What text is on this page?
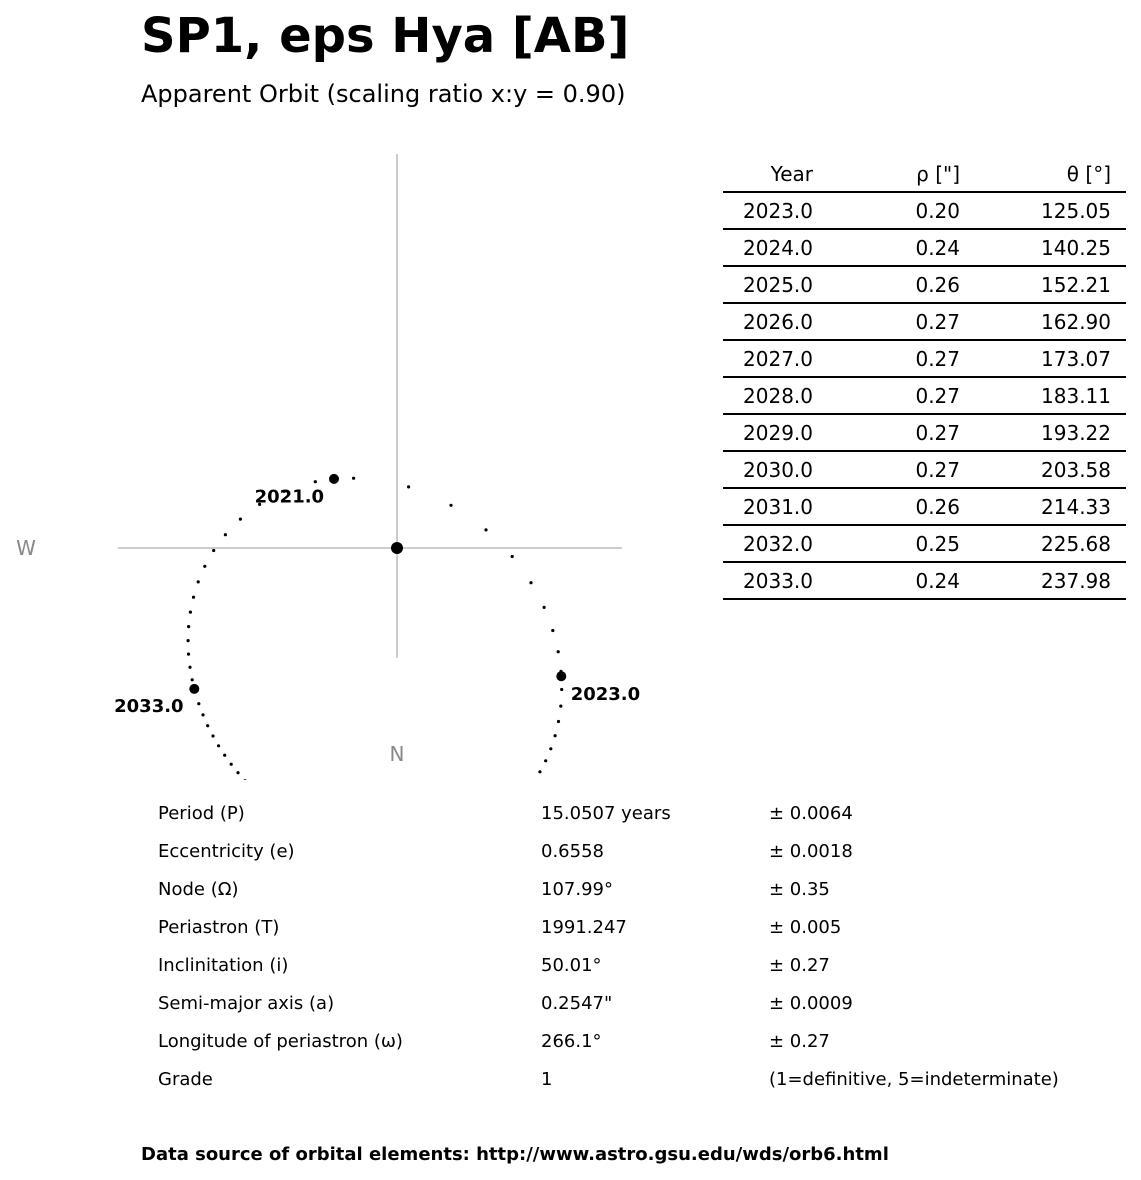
SP1, eps Hya [AB]
Apparent Orbit (scaling ratio x:y = 0.90)
W
N
2021.0
2023.0
2033.0
Year	ρ ["]	θ [°]
2023.0	0.20	125.05
2024.0	0.24	140.25
2025.0	0.26	152.21
2026.0	0.27	162.90
2027.0	0.27	173.07
2028.0	0.27	183.11
2029.0	0.27	193.22
2030.0	0.27	203.58
2031.0	0.26	214.33
2032.0	0.25	225.68
2033.0	0.24	237.98
Period (P)	15.0507 years	± 0.0064
Eccentricity (e)	0.6558	± 0.0018
Node (Ω)	107.99°	± 0.35
Periastron (T)	1991.247	± 0.005
Inclinitation (i)	50.01°	± 0.27
Semi-major axis (a)	0.2547"	± 0.0009
Longitude of periastron (ω)	266.1°	± 0.27
Grade	1	(1=definitive, 5=indeterminate)
Data source of orbital elements: http://www.astro.gsu.edu/wds/orb6.html
